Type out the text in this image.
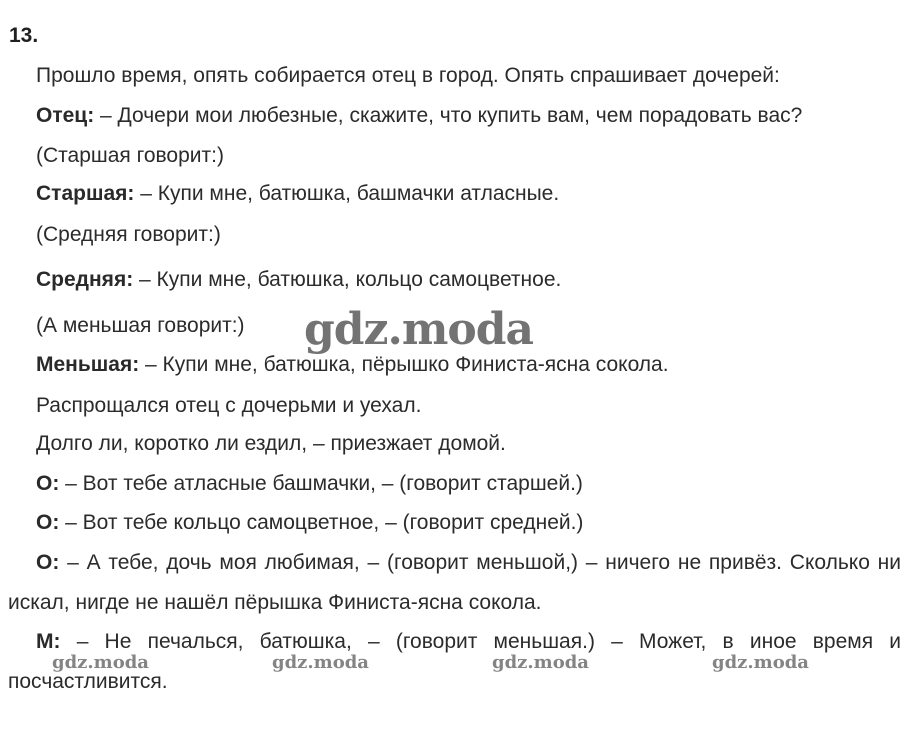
13.
Прошло время, опять собирается отец в город. Опять спрашивает дочерей:
Отец: – Дочери мои любезные, скажите, что купить вам, чем порадовать вас?
(Старшая говорит:)
Старшая: – Купи мне, батюшка, башмачки атласные.
(Средняя говорит:)
Средняя: – Купи мне, батюшка, кольцо самоцветное.
(А меньшая говорит:)
Меньшая: – Купи мне, батюшка, пёрышко Финиста-ясна сокола.
Распрощался отец с дочерьми и уехал.
Долго ли, коротко ли ездил, – приезжает домой.
О: – Вот тебе атласные башмачки, – (говорит старшей.)
О: – Вот тебе кольцо самоцветное, – (говорит средней.)
О: – А тебе, дочь моя любимая, – (говорит меньшой,) – ничего не привёз. Сколько ни искал, нигде не нашёл пёрышка Финиста-ясна сокола.
М: – Не печалься, батюшка, – (говорит меньшая.) – Может, в иное время и посчастливится.
gdz.moda
gdz.moda	gdz.moda	gdz.moda	gdz.moda
